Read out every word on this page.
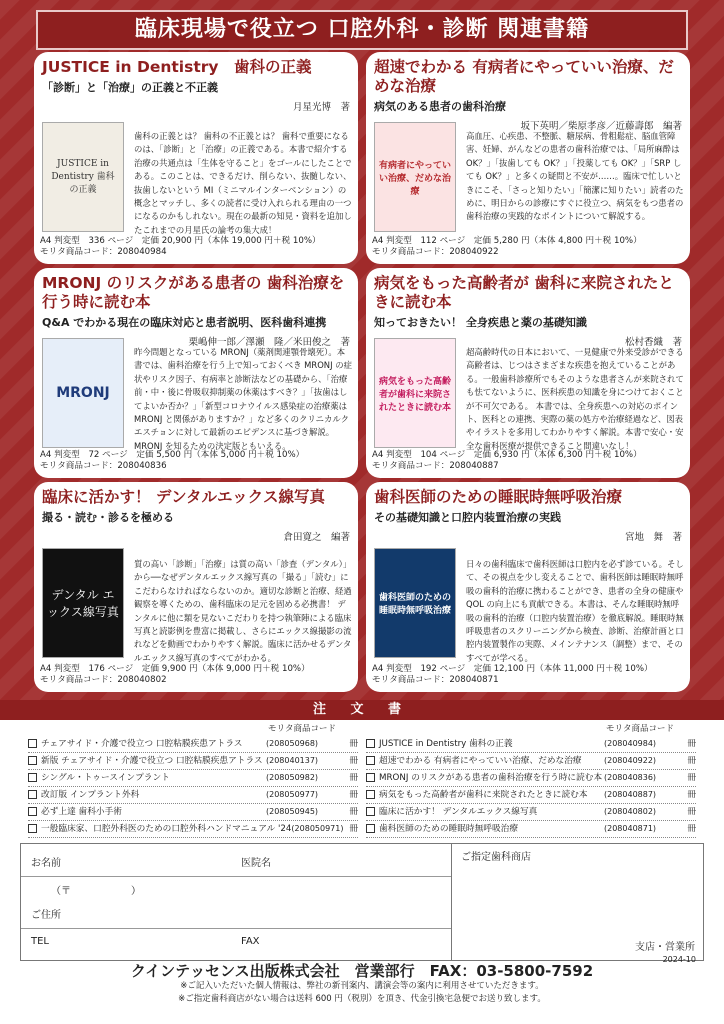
臨床現場で役立つ 口腔外科・診断 関連書籍
JUSTICE in Dentistry　歯科の正義
「診断」と「治療」の正義と不正義
月星光博　著
JUSTICE in Dentistry 歯科の正義
歯科の正義とは？ 歯科の不正義とは？ 歯科で重要になるのは、「診断」と「治療」の正義である。本書で紹介する治療の共通点は「生体を守ること」をゴールにしたことである。このことは、できるだけ、削らない、抜髄しない、抜歯しないという MI（ミニマルインターベンション）の概念とマッチし、多くの読者に受け入れられる理由の一つになるのかもしれない。現在の最新の知見・資料を追加したこれまでの月星氏の論考の集大成！
A4 判変型　336 ページ　定価 20,900 円（本体 19,000 円＋税 10%）
モリタ商品コード：208040984
超速でわかる 有病者にやっていい治療、だめな治療
病気のある患者の歯科治療
坂下英明／柴原孝彦／近藤壽郎　編著
有病者にやっていい治療、だめな治療
高血圧、心疾患、不整脈、糖尿病、骨粗鬆症、脳血管障害、妊婦、がんなどの患者の歯科治療では、「局所麻酔は OK？」「抜歯しても OK？」「投薬しても OK？」「SRP しても OK？」と多くの疑問と不安が……。臨床で忙しいときにこそ、「さっと知りたい」「簡潔に知りたい」読者のために、明日からの診療にすぐに役立つ、病気をもつ患者の歯科治療の実践的なポイントについて解説する。
A4 判変型　112 ページ　定価 5,280 円（本体 4,800 円＋税 10%）
モリタ商品コード：208040922
MRONJ のリスクがある患者の 歯科治療を行う時に読む本
Q&A でわかる現在の臨床対応と患者説明、医科歯科連携
栗嶋伸一郎／澤瀬　隆／米田俊之　著
MRONJ
昨今問題となっている MRONJ（薬剤関連顎骨壊死）。本書では、歯科治療を行う上で知っておくべき MRONJ の症状やリスク因子、有病率と診断法などの基礎から、「治療前・中・後に骨吸収抑制薬の休薬はすべき？」「抜歯はしてよいか否か？」「新型コロナウイルス感染症の治療薬は MRONJ と関係がありますか？」など多くのクリニカルクエスチョンに対して最新のエビデンスに基づき解説。MRONJ を知るための決定版ともいえる。
A4 判変型　72 ページ　定価 5,500 円（本体 5,000 円＋税 10%）
モリタ商品コード：208040836
病気をもった高齢者が 歯科に来院されたときに読む本
知っておきたい！ 全身疾患と薬の基礎知識
松村香織　著
病気をもった高齢者が歯科に来院されたときに読む本
超高齢時代の日本において、一見健康で外来受診ができる高齢者は、じつはさまざまな疾患を抱えていることがある。一般歯科診療所でもそのような患者さんが来院されても怯てないように、医科疾患の知識を身につけておくことが不可欠である。 本書では、全身疾患への対応のポイント、医科との連携、実際の薬の処方や治療経過など、図表やイラストを多用してわかりやすく解説。本書で安心・安全な歯科医療が提供できること間違いなし！
A4 判変型　104 ページ　定価 6,930 円（本体 6,300 円＋税 10%）
モリタ商品コード：208040887
臨床に活かす！ デンタルエックス線写真
撮る・読む・診るを極める
倉田寛之　編著
デンタル エックス線写真
質の高い「診断」「治療」は質の高い「診査（デンタル）」から──なぜデンタルエックス線写真の「撮る」「読む」にこだわらなければならないのか。適切な診断と治療、経過観察を導くための、歯科臨床の足元を固める必携書！ デンタルに他に類を見ないこだわりを持つ執筆陣による臨床写真と読影例を豊富に掲載し、さらにエックス線撮影の流れなどを動画でわかりやすく解説。臨床に活かせるデンタルエックス線写真のすべてがわかる。
A4 判変型　176 ページ　定価 9,900 円（本体 9,000 円＋税 10%）
モリタ商品コード：208040802
歯科医師のための睡眠時無呼吸治療
その基礎知識と口腔内装置治療の実践
宮地　舞　著
歯科医師のための睡眠時無呼吸治療
日々の歯科臨床で歯科医師は口腔内を必ず診ている。そして、その視点を少し変えることで、歯科医師は睡眠時無呼吸の歯科的治療に携わることができ、患者の全身の健康や QOL の向上にも貢献できる。本書は、そんな睡眠時無呼吸の歯科的治療（口腔内装置治療）を徹底解説。睡眠時無呼吸患者のスクリーニングから検査、診断、治療計画と口腔内装置製作の実際、メインテナンス（調整）まで、そのすべてが学べる。
A4 判変型　192 ページ　定価 12,100 円（本体 11,000 円＋税 10%）
モリタ商品コード：208040871
注 文 書
モリタ商品コード	モリタ商品コード
チェアサイド・介護で役立つ 口腔粘膜疾患アトラス	(208050968)	冊
新版 チェアサイド・介護で役立つ 口腔粘膜疾患アトラス (208040137)	冊
シングル・トゥースインプラント	(208050982)	冊
改訂版 インプラント外科	(208050977)	冊
必ず上達 歯科小手術	(208050945)	冊
一般臨床家、口腔外科医のための口腔外科ハンドマニュアル '24 (208050971) 冊
JUSTICE in Dentistry 歯科の正義	(208040984)	冊
超速でわかる 有病者にやっていい治療、だめな治療	(208040922)	冊
MRONJ のリスクがある患者の歯科治療を行う時に読む本 (208040836)	冊
病気をもった高齢者が歯科に来院されたときに読む本	(208040887)	冊
臨床に活かす！ デンタルエックス線写真	(208040802)	冊
歯科医師のための睡眠時無呼吸治療	(208040871)	冊
お名前	医院名
（〒　　　　　　）
ご住所
TEL	FAX
ご指定歯科商店
支店・営業所
2024-10
クインテッセンス出版株式会社　営業部行　FAX：03-5800-7592
※ご記入いただいた個人情報は、弊社の新刊案内、講演会等の案内に利用させていただきます。
※ご指定歯科商店がない場合は送料 600 円（税別）を頂き、代金引換宅急便でお送り致します。
